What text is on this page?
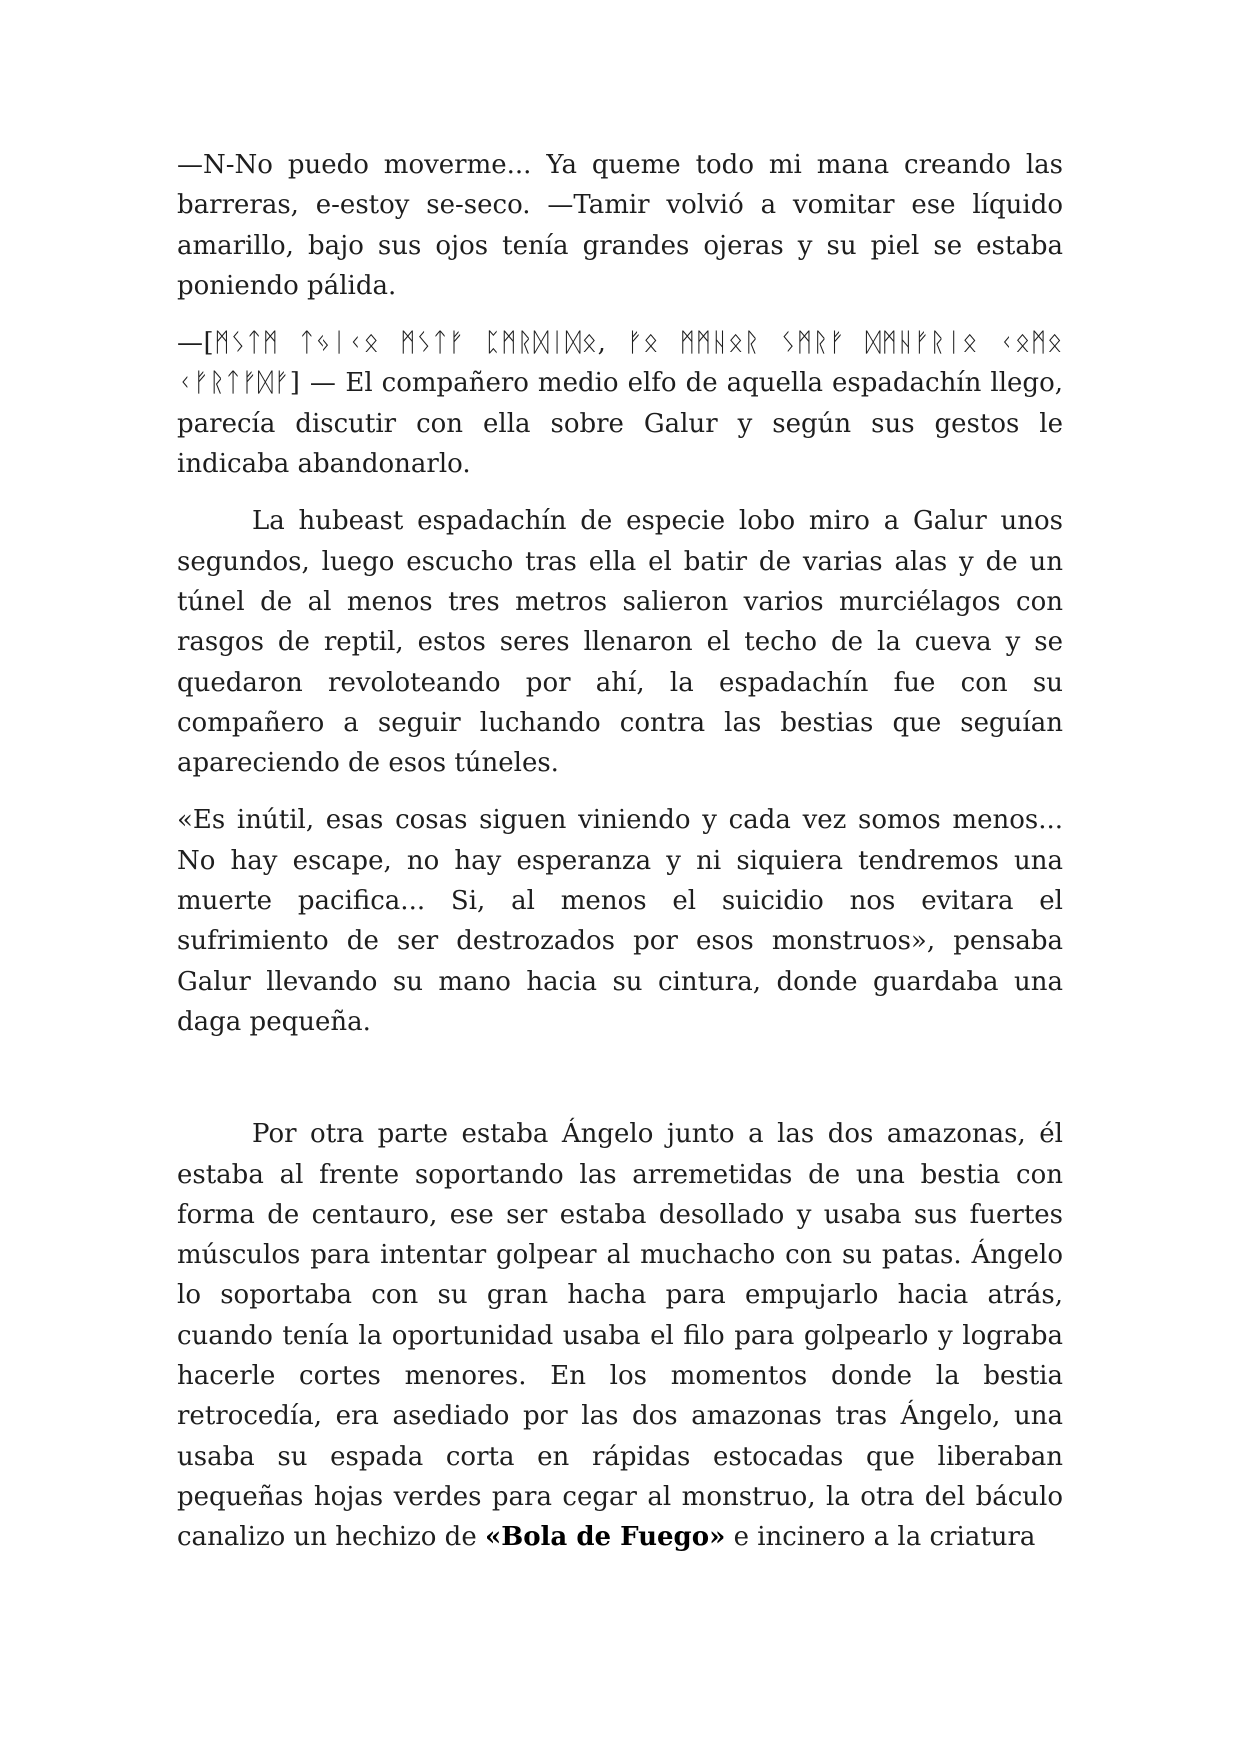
—N-No puedo moverme... Ya queme todo mi mana creando las barreras, e-estoy se-seco. —Tamir volvió a vomitar ese líquido amarillo, bajo sus ojos tenía grandes ojeras y su piel se estaba poniendo pálida.

—[ᛗᛊᛏᛗ ᛏᛃᛁᚲᛟ ᛗᛊᛏᚠ ᛈᛗᚱᛞᛁᛞᛟ, ᚠᛟ ᛗᛗᚺᛟᚱ ᛊᛗᚱᚠ ᛞᛗᚺᚠᚱᛁᛟ ᚲᛟᛗᛟ ᚲᚠᚱᛏᚠᛞᚠ] — El compañero medio elfo de aquella espadachín llego, parecía discutir con ella sobre Galur y según sus gestos le indicaba abandonarlo.

La hubeast espadachín de especie lobo miro a Galur unos segundos, luego escucho tras ella el batir de varias alas y de un túnel de al menos tres metros salieron varios murciélagos con rasgos de reptil, estos seres llenaron el techo de la cueva y se quedaron revoloteando por ahí, la espadachín fue con su compañero a seguir luchando contra las bestias que seguían apareciendo de esos túneles.

«Es inútil, esas cosas siguen viniendo y cada vez somos menos... No hay escape, no hay esperanza y ni siquiera tendremos una muerte pacifica... Si, al menos el suicidio nos evitara el sufrimiento de ser destrozados por esos monstruos», pensaba Galur llevando su mano hacia su cintura, donde guardaba una daga pequeña.

Por otra parte estaba Ángelo junto a las dos amazonas, él estaba al frente soportando las arremetidas de una bestia con forma de centauro, ese ser estaba desollado y usaba sus fuertes músculos para intentar golpear al muchacho con su patas. Ángelo lo soportaba con su gran hacha para empujarlo hacia atrás, cuando tenía la oportunidad usaba el filo para golpearlo y lograba hacerle cortes menores. En los momentos donde la bestia retrocedía, era asediado por las dos amazonas tras Ángelo, una usaba su espada corta en rápidas estocadas que liberaban pequeñas hojas verdes para cegar al monstruo, la otra del báculo canalizo un hechizo de «Bola de Fuego» e incinero a la criatura
